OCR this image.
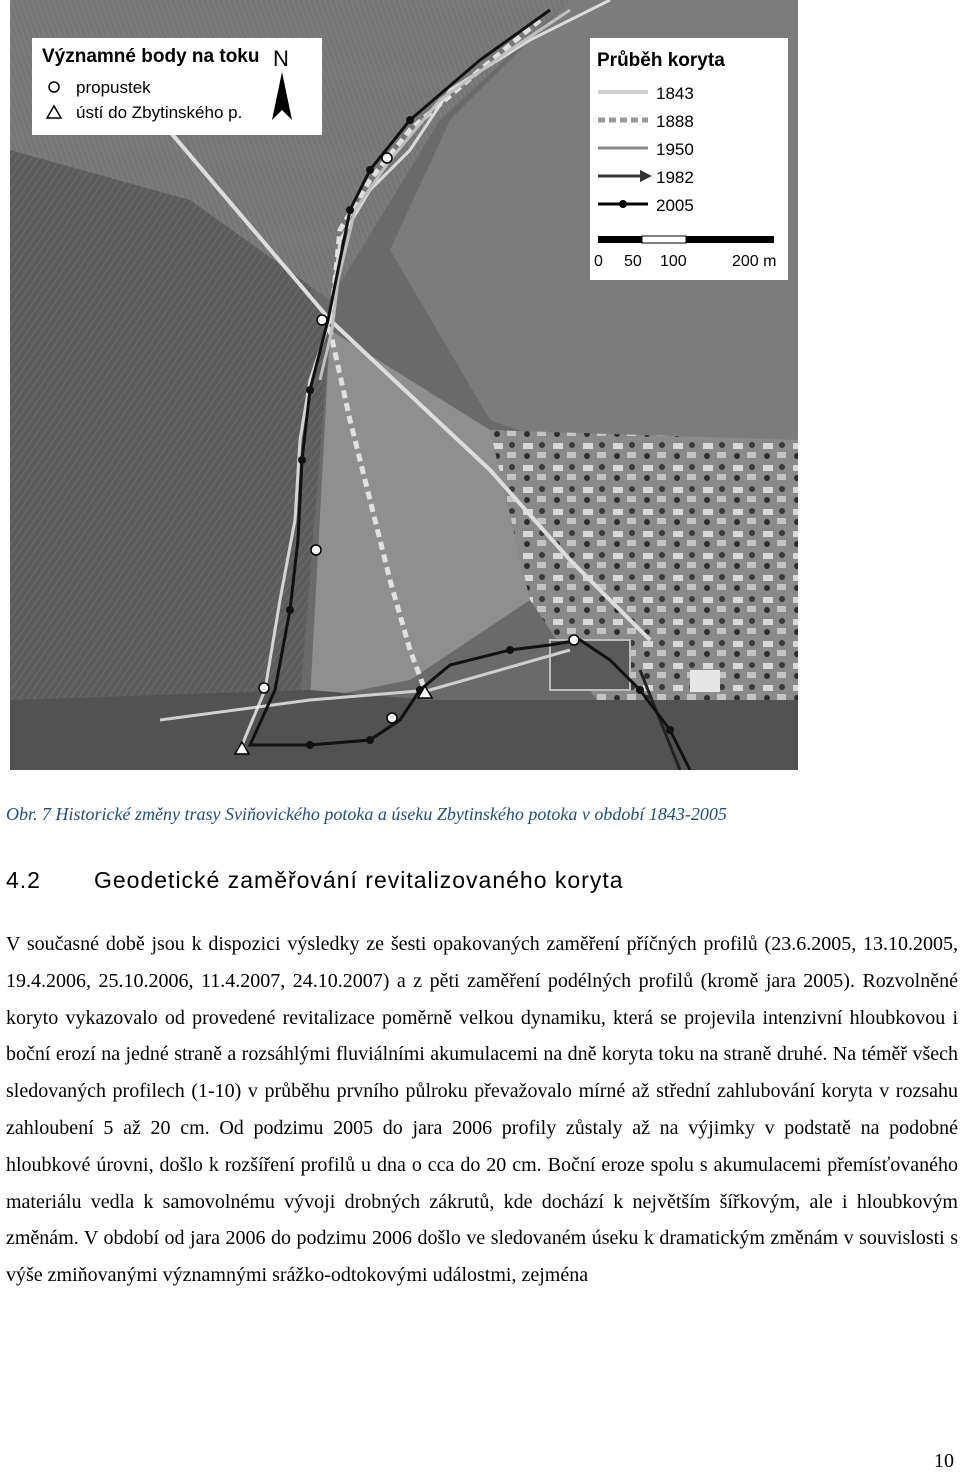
Významné body na toku
propustek
ústí do Zbytinského p.
N	Průběh koryta
1843
1888
1950
1982
2005
0 50 100	200 m
Obr. 7 Historické změny trasy Sviňovického potoka a úseku Zbytinského potoka v období 1843-2005
4.2 Geodetické zaměřování revitalizovaného koryta
V současné době jsou k dispozici výsledky ze šesti opakovaných zaměření příčných profilů (23.6.2005, 13.10.2005, 19.4.2006, 25.10.2006, 11.4.2007, 24.10.2007) a z pěti zaměření podélných profilů (kromě jara 2005). Rozvolněné koryto vykazovalo od provedené revitalizace poměrně velkou dynamiku, která se projevila intenzivní hloubkovou i boční erozí na jedné straně a rozsáhlými fluviálními akumulacemi na dně koryta toku na straně druhé. Na téměř všech sledovaných profilech (1-10) v průběhu prvního půlroku převažovalo mírné až střední zahlubování koryta v rozsahu zahloubení 5 až 20 cm. Od podzimu 2005 do jara 2006 profily zůstaly až na výjimky v podstatě na podobné hloubkové úrovni, došlo k rozšíření profilů u dna o cca do 20 cm. Boční eroze spolu s akumulacemi přemísťovaného materiálu vedla k samovolnému vývoji drobných zákrutů, kde dochází k největším šířkovým, ale i hloubkovým změnám. V období od jara 2006 do podzimu 2006 došlo ve sledovaném úseku k dramatickým změnám v souvislosti s výše zmiňovanými významnými srážko-odtokovými událostmi, zejména
10
